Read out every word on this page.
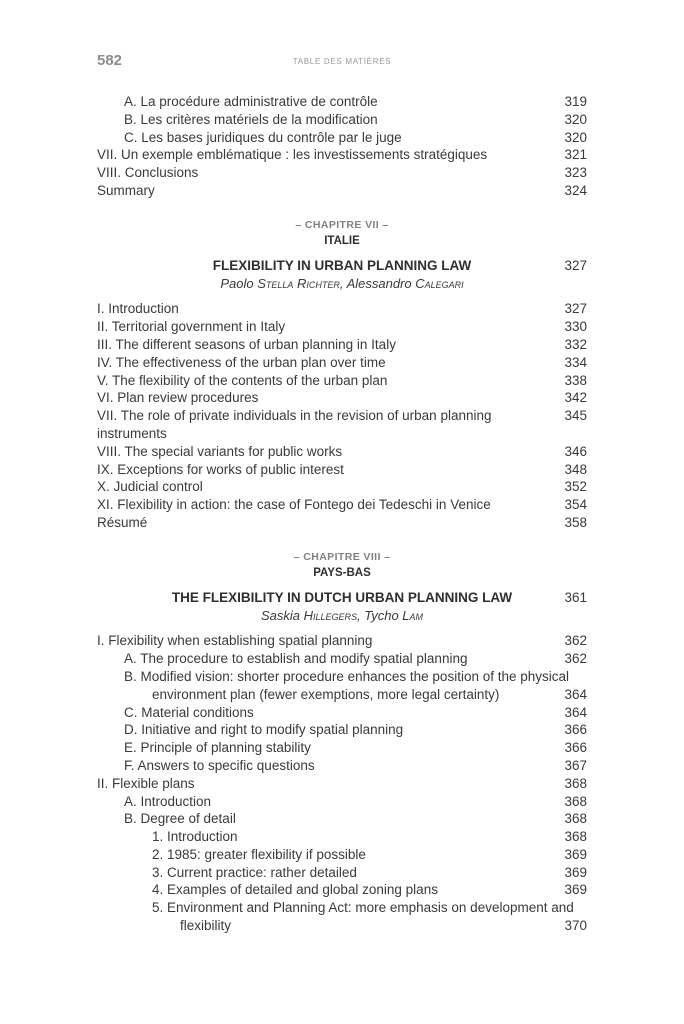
582	TABLE DES MATIÈRES
A. La procédure administrative de contrôle	319
B. Les critères matériels de la modification	320
C. Les bases juridiques du contrôle par le juge	320
VII. Un exemple emblématique : les investissements stratégiques	321
VIII. Conclusions	323
Summary	324
– CHAPITRE VII –
ITALIE
FLEXIBILITY IN URBAN PLANNING LAW	327
Paolo Stella Richter, Alessandro Calegari
I. Introduction	327
II. Territorial government in Italy	330
III. The different seasons of urban planning in Italy	332
IV. The effectiveness of the urban plan over time	334
V. The flexibility of the contents of the urban plan	338
VI. Plan review procedures	342
VII. The role of private individuals in the revision of urban planning instruments
345
VIII. The special variants for public works	346
IX. Exceptions for works of public interest	348
X. Judicial control	352
XI. Flexibility in action: the case of Fontego dei Tedeschi in Venice	354
Résumé	358
– CHAPITRE VIII –
PAYS-BAS
THE FLEXIBILITY IN DUTCH URBAN PLANNING LAW	361
Saskia Hillegers, Tycho Lam
I. Flexibility when establishing spatial planning	362
A. The procedure to establish and modify spatial planning	362
B. Modified vision: shorter procedure enhances the position of the physical
environment plan (fewer exemptions, more legal certainty)	364
C. Material conditions	364
D. Initiative and right to modify spatial planning	366
E. Principle of planning stability	366
F. Answers to specific questions	367
II. Flexible plans	368
A. Introduction	368
B. Degree of detail	368
1. Introduction	368
2. 1985: greater flexibility if possible	369
3. Current practice: rather detailed	369
4. Examples of detailed and global zoning plans	369
5. Environment and Planning Act: more emphasis on development and
flexibility	370
